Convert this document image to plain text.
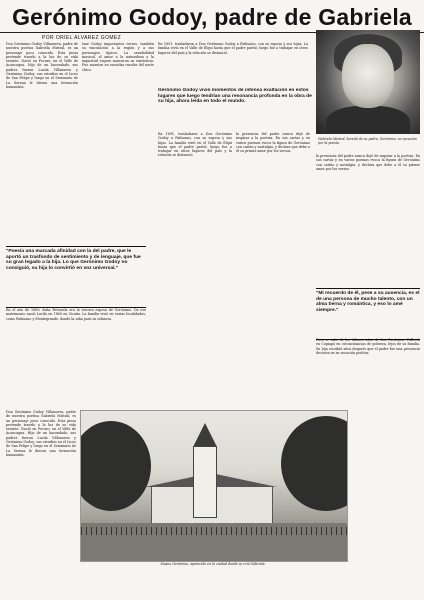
Gerónimo Godoy, padre de Gabriela
POR ORIEL ALVAREZ GOMEZ
Don Gerónimo Godoy Villanueva, padre de nuestra poetisa Gabriela Mistral, es un personaje poco conocido. Esta pieza pretende traerlo a la luz de su vida errante. Nació en Pocuro, en el Valle de Aconcagua. Hijo de un hacendado, sus padres fueron Lucila Villanueva y Gerónimo Godoy; sus estudios en el Liceo de San Felipe y luego en el Seminario de La Serena le dieron una formación humanista.
tuar Godoy importantes versos, también su vinculación a la región y a sus personajes típicos. La sensibilidad musical, el amor a la naturaleza y la inquietud viajera marcaron su existencia. Fue maestro en escuelas rurales del norte chico.
"Poesía una marcada afinidad con la del padre, que le aportó un trasfondo de sentimiento y de lenguaje, que fue su gran legado a la hija. Lo que Gerónimo Godoy no consiguió, su hija lo convirtió en voz universal."
En 1891, trasladaron a Don Gerónimo Godoy a Paihuano, con su esposa y sus hijas. La familia vivió en el Valle de Elqui hasta que el padre partió; luego fue a trabajar en otros lugares del país y la relación se distanció.
Gerónimo Godoy vivió momentos de intensa exaltación en estos lugares que luego tendrían una resonancia profunda en la obra de su hija, ahora leída en todo el mundo.
En 1891, trasladaron a Don Gerónimo Godoy a Paihuano, con su esposa y sus hijas. La familia vivió en el Valle de Elqui hasta que el padre partió; luego fue a trabajar en otros lugares del país y la relación se distanció.
la presencia del padre nunca dejó de inspirar a la poetisa. En sus cartas y en varios poemas evoca la figura de Gerónimo con cariño y nostalgia, y declara que debe a él su primer amor por los versos.
Gabriela Mistral, heredó de su padre, Gerónimo, su vocación por la poesía.
la presencia del padre nunca dejó de inspirar a la poetisa. En sus cartas y en varios poemas evoca la figura de Gerónimo con cariño y nostalgia, y declara que debe a él su primer amor por los versos.
"Mi recuerdo de él, pese a su ausencia, es el de una persona de mucho talento, con un alma tierna y romántica, y eso lo amé siempre."
En el año de 1889, doña Petronila era la tercera esposa de Gerónimo. De ese matrimonio nació Lucila en 1889 en Vicuña. La familia vivió en varias localidades, como Paihuano y Montegrande, donde la niña pasó su infancia.
Don Gerónimo Godoy Villanueva, padre de nuestra poetisa Gabriela Mistral, es un personaje poco conocido. Esta pieza pretende traerlo a la luz de su vida errante. Nació en Pocuro, en el Valle de Aconcagua. Hijo de un hacendado, sus padres fueron Lucila Villanueva y Gerónimo Godoy; sus estudios en el Liceo de San Felipe y luego en el Seminario de La Serena le dieron una formación humanista.
Poco se sabe de los últimos años de don Gerónimo. Falleció en Copiapó en circunstancias de pobreza, lejos de su familia. Su hija escribió años después que el padre fue una presencia decisiva en su vocación poética.
Museo Gerónimo, aparecido en la ciudad donde se crió Gabriela.
